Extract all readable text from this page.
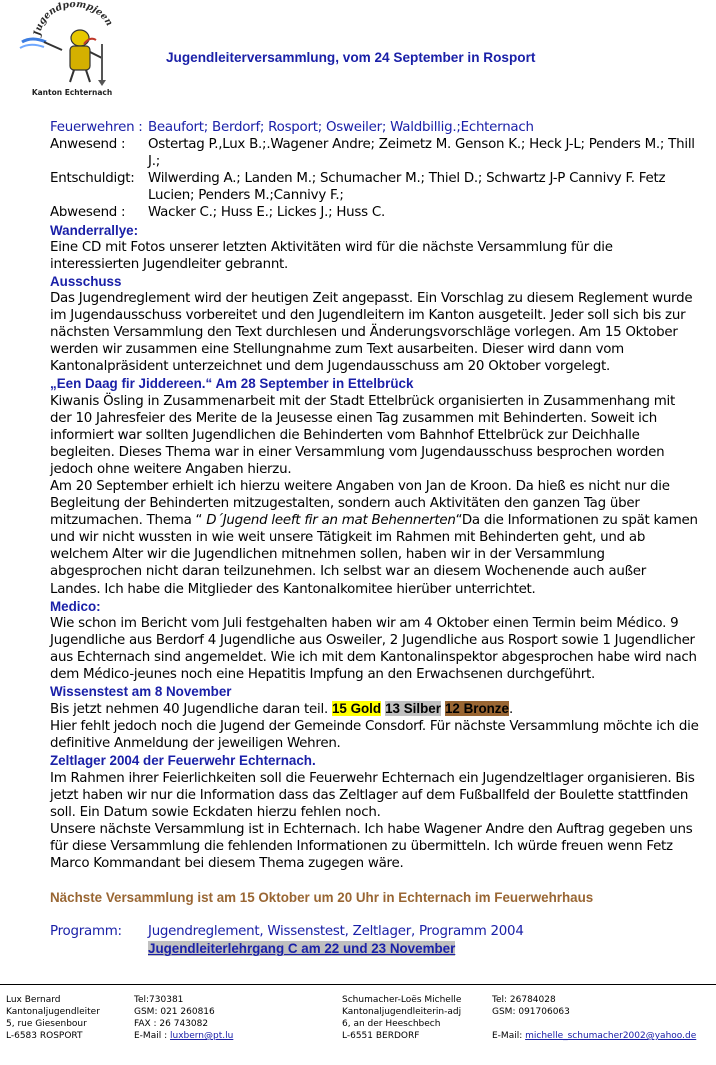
Jugendpompjeen
Kanton Echternach
Jugendleiterversammlung, vom 24 September in Rosport
Feuerwehren : Beaufort; Berdorf; Rosport; Osweiler; Waldbillig.;Echternach
Anwesend :	Ostertag P.,Lux B.;.Wagener Andre; Zeimetz M. Genson K.; Heck J-L; Penders M.; Thill J.;
Entschuldigt:	Wilwerding A.; Landen M.; Schumacher M.; Thiel D.; Schwartz J-P Cannivy F. Fetz Lucien; Penders M.;Cannivy F.;
Abwesend :	Wacker C.; Huss E.; Lickes J.; Huss C.

Wanderrallye:

Eine CD mit Fotos unserer letzten Aktivitäten wird für die nächste Versammlung für die interessierten Jugendleiter gebrannt.

Ausschuss

Das Jugendreglement wird der heutigen Zeit angepasst. Ein Vorschlag zu diesem Reglement wurde im Jugendausschuss vorbereitet und den Jugendleitern im Kanton ausgeteilt. Jeder soll sich bis zur nächsten Versammlung den Text durchlesen und Änderungsvorschläge vorlegen. Am 15 Oktober werden wir zusammen eine Stellungnahme zum Text ausarbeiten. Dieser wird dann vom Kantonalpräsident unterzeichnet und dem Jugendausschuss am 20 Oktober vorgelegt.

„Een Daag fir Jiddereen.“ Am 28 September in Ettelbrück

Kiwanis Ösling in Zusammenarbeit mit der Stadt Ettelbrück organisierten in Zusammenhang mit der 10 Jahresfeier des Merite de la Jeusesse einen Tag zusammen mit Behinderten. Soweit ich informiert war sollten Jugendlichen die Behinderten vom Bahnhof Ettelbrück zur Deichhalle begleiten. Dieses Thema war in einer Versammlung vom Jugendausschuss besprochen worden jedoch ohne weitere Angaben hierzu.

Am 20 September erhielt ich hierzu weitere Angaben von Jan de Kroon. Da hieß es nicht nur die Begleitung der Behinderten mitzugestalten, sondern auch Aktivitäten den ganzen Tag über mitzumachen. Thema “ D´Jugend leeft fir an mat Behennerten“Da die Informationen zu spät kamen und wir nicht wussten in wie weit unsere Tätigkeit im Rahmen mit Behinderten geht, und ab welchem Alter wir die Jugendlichen mitnehmen sollen, haben wir in der Versammlung abgesprochen nicht daran teilzunehmen. Ich selbst war an diesem Wochenende auch außer Landes. Ich habe die Mitglieder des Kantonalkomitee hierüber unterrichtet.

Medico:

Wie schon im Bericht vom Juli festgehalten haben wir am 4 Oktober einen Termin beim Médico. 9 Jugendliche aus Berdorf 4 Jugendliche aus Osweiler, 2 Jugendliche aus Rosport sowie 1 Jugendlicher aus Echternach sind angemeldet. Wie ich mit dem Kantonalinspektor abgesprochen habe wird nach dem Médico-jeunes noch eine Hepatitis Impfung an den Erwachsenen durchgeführt.

Wissenstest am 8 November

Bis jetzt nehmen 40 Jugendliche daran teil. 15 Gold 13 Silber 12 Bronze.

Hier fehlt jedoch noch die Jugend der Gemeinde Consdorf. Für nächste Versammlung möchte ich die definitive Anmeldung der jeweiligen Wehren.

Zeltlager 2004 der Feuerwehr Echternach.

Im Rahmen ihrer Feierlichkeiten soll die Feuerwehr Echternach ein Jugendzeltlager organisieren. Bis jetzt haben wir nur die Information dass das Zeltlager auf dem Fußballfeld der Boulette stattfinden soll. Ein Datum sowie Eckdaten hierzu fehlen noch.

Unsere nächste Versammlung ist in Echternach. Ich habe Wagener Andre den Auftrag gegeben uns für diese Versammlung die fehlenden Informationen zu übermitteln. Ich würde freuen wenn Fetz Marco Kommandant bei diesem Thema zugegen wäre.

Nächste Versammlung ist am 15 Oktober um 20 Uhr in Echternach im Feuerwehrhaus

Programm:	Jugendreglement, Wissenstest, Zeltlager, Programm 2004
Jugendleiterlehrgang C am 22 und 23 November
Lux Bernard
Kantonaljugendleiter
5, rue Giesenbour
L-6583 ROSPORT
Tel:730381
GSM: 021 260816
FAX : 26 743082
E-Mail : luxbern@pt.lu
Schumacher-Loës Michelle
Kantonaljugendleiterin-adj
6, an der Heeschbech
L-6551 BERDORF
Tel: 26784028
GSM: 091706063
E-Mail: michelle_schumacher2002@yahoo.de
